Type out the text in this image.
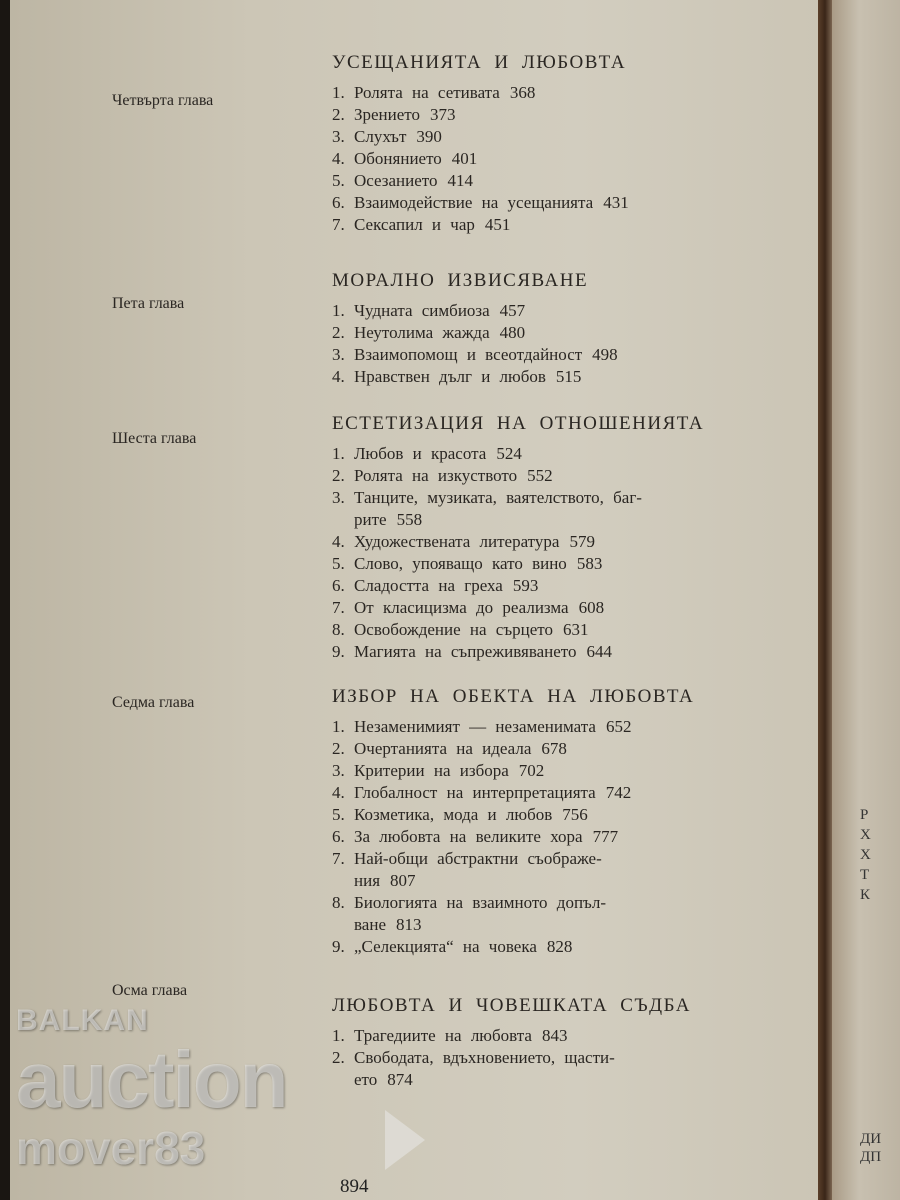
Р
Х
Х
Т
К
ДИ
ДП
Четвърта глава
УСЕЩАНИЯТА И ЛЮБОВТА
1. Ролята на сетивата 368
2. Зрението 373
3. Слухът 390
4. Обонянието 401
5. Осезанието 414
6. Взаимодействие на усещанията 431
7. Сексапил и чар 451
Пета глава
МОРАЛНО ИЗВИСЯВАНЕ
1. Чудната симбиоза 457
2. Неутолима жажда 480
3. Взаимопомощ и всеотдайност 498
4. Нравствен дълг и любов 515
Шеста глава
ЕСТЕТИЗАЦИЯ НА ОТНОШЕНИЯТА
1. Любов и красота 524
2. Ролята на изкуството 552
3. Танците, музиката, ваятелството, баг-
рите 558
4. Художествената литература 579
5. Слово, упояващо като вино 583
6. Сладостта на греха 593
7. От класицизма до реализма 608
8. Освобождение на сърцето 631
9. Магията на съпреживяването 644
Седма глава	ИЗБОР НА ОБЕКТА НА ЛЮБОВТА
1. Незаменимият — незаменимата 652
2. Очертанията на идеала 678
3. Критерии на избора 702
4. Глобалност на интерпретацията 742
5. Козметика, мода и любов 756
6. За любовта на великите хора 777
7. Най-общи абстрактни съображе-
ния 807
8. Биологията на взаимното допъл-
ване 813
9. „Селекцията“ на човека 828
Осма глава
ЛЮБОВТА И ЧОВЕШКАТА СЪДБА
1. Трагедиите на любовта 843
2. Свободата, вдъхновението, щасти-
ето 874
894
BALKAN
auction
mover83
